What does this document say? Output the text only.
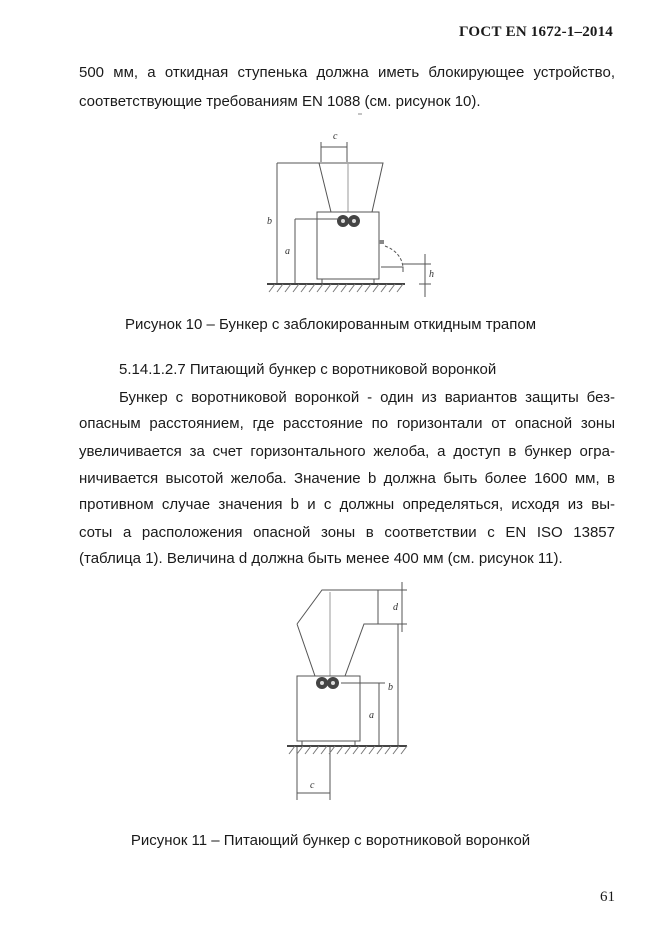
ГОСТ EN 1672-1–2014
500 мм, а откидная ступенька должна иметь блокирующее устройство,
соответствующие требованиям EN 1088 (см. рисунок 10).
c
b
a
h
Рисунок 10 – Бункер с заблокированным откидным трапом
5.14.1.2.7 Питающий бункер с воротниковой воронкой
Бункер с воротниковой воронкой - один из вариантов защиты без-
опасным расстоянием, где расстояние по горизонтали от опасной зоны
увеличивается за счет горизонтального желоба, а доступ в бункер огра-
ничивается высотой желоба. Значение b должна быть более 1600 мм, в
противном случае значения b и c должны определяться, исходя из вы-
соты a расположения опасной зоны в соответствии с EN ISO 13857
(таблица 1). Величина d должна быть менее 400 мм (см. рисунок 11).
d
b
a
c
Рисунок 11 – Питающий бункер с воротниковой воронкой
61
